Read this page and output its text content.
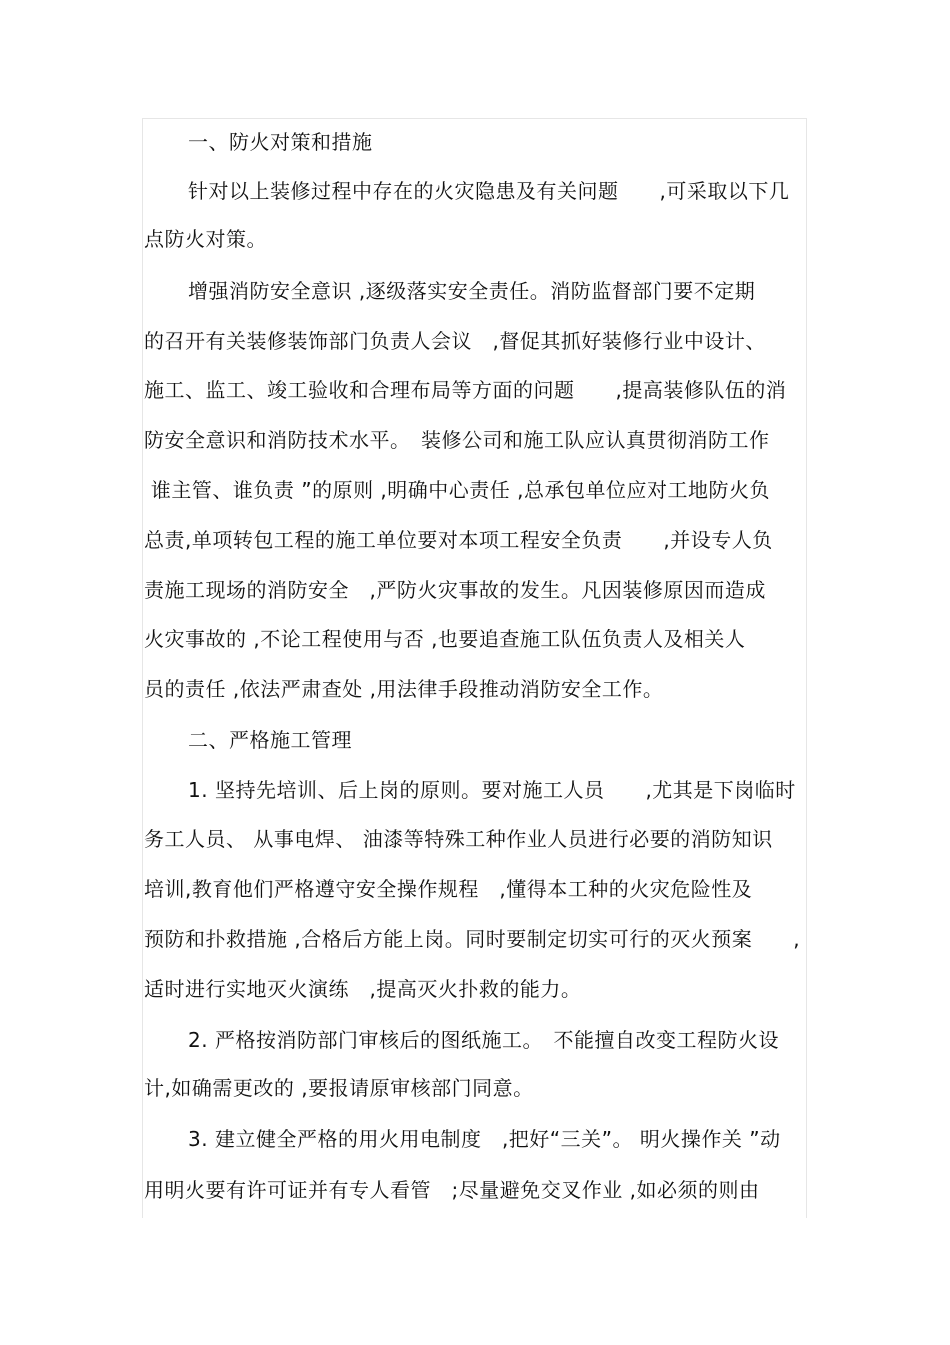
一、防火对策和措施
针对以上装修过程中存在的火灾隐患及有关问题　　,可采取以下几
点防火对策。
增强消防安全意识 ,逐级落实安全责任。消防监督部门要不定期
的召开有关装修装饰部门负责人会议　,督促其抓好装修行业中设计、
施工、监工、竣工验收和合理布局等方面的问题　　,提高装修队伍的消
防安全意识和消防技术水平。　装修公司和施工队应认真贯彻消防工作
谁主管、谁负责 ”的原则 ,明确中心责任 ,总承包单位应对工地防火负
总责,单项转包工程的施工单位要对本项工程安全负责　　,并设专人负
责施工现场的消防安全　,严防火灾事故的发生。凡因装修原因而造成
火灾事故的 ,不论工程使用与否 ,也要追查施工队伍负责人及相关人
员的责任 ,依法严肃查处 ,用法律手段推动消防安全工作。
二、严格施工管理
1. 坚持先培训、后上岗的原则。要对施工人员　　,尤其是下岗临时
务工人员、 从事电焊、 油漆等特殊工种作业人员进行必要的消防知识
培训,教育他们严格遵守安全操作规程　,懂得本工种的火灾危险性及
预防和扑救措施 ,合格后方能上岗。同时要制定切实可行的灭火预案　　,
适时进行实地灭火演练　,提高灭火扑救的能力。
2. 严格按消防部门审核后的图纸施工。　不能擅自改变工程防火设
计,如确需更改的 ,要报请原审核部门同意。
3. 建立健全严格的用火用电制度　,把好“三关”。 明火操作关 ”动
用明火要有许可证并有专人看管　;尽量避免交叉作业 ,如必须的则由
